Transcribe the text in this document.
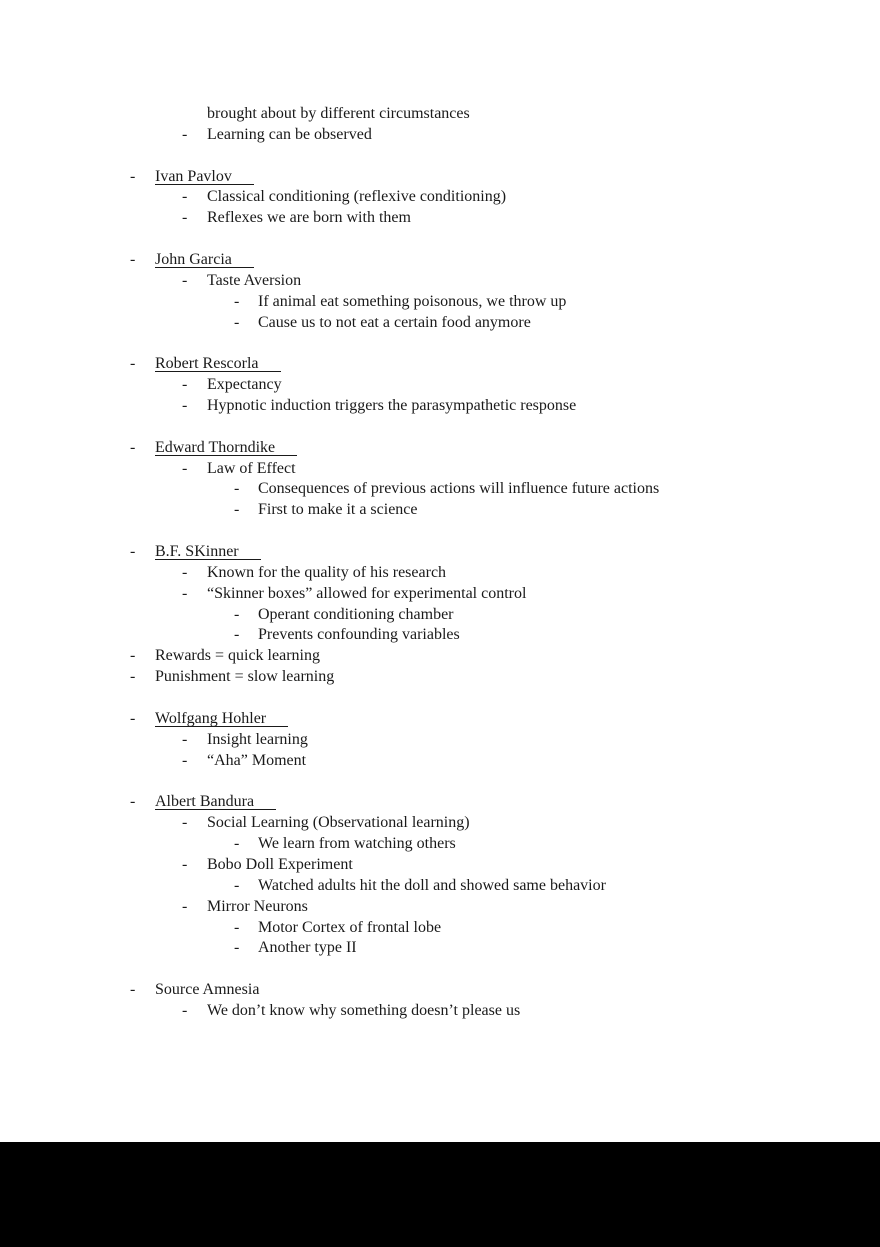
brought about by different circumstances
- Learning can be observed
- Ivan Pavlov
- Classical conditioning (reflexive conditioning)
- Reflexes we are born with them
- John Garcia
- Taste Aversion
- If animal eat something poisonous, we throw up
- Cause us to not eat a certain food anymore
- Robert Rescorla
- Expectancy
- Hypnotic induction triggers the parasympathetic response
- Edward Thorndike
- Law of Effect
- Consequences of previous actions will influence future actions
- First to make it a science
- B.F. SKinner
- Known for the quality of his research
- “Skinner boxes” allowed for experimental control
- Operant conditioning chamber
- Prevents confounding variables
- Rewards = quick learning
- Punishment = slow learning
- Wolfgang Hohler
- Insight learning
- “Aha” Moment
- Albert Bandura
- Social Learning (Observational learning)
- We learn from watching others
- Bobo Doll Experiment
- Watched adults hit the doll and showed same behavior
- Mirror Neurons
- Motor Cortex of frontal lobe
- Another type II
- Source Amnesia
- We don’t know why something doesn’t please us
